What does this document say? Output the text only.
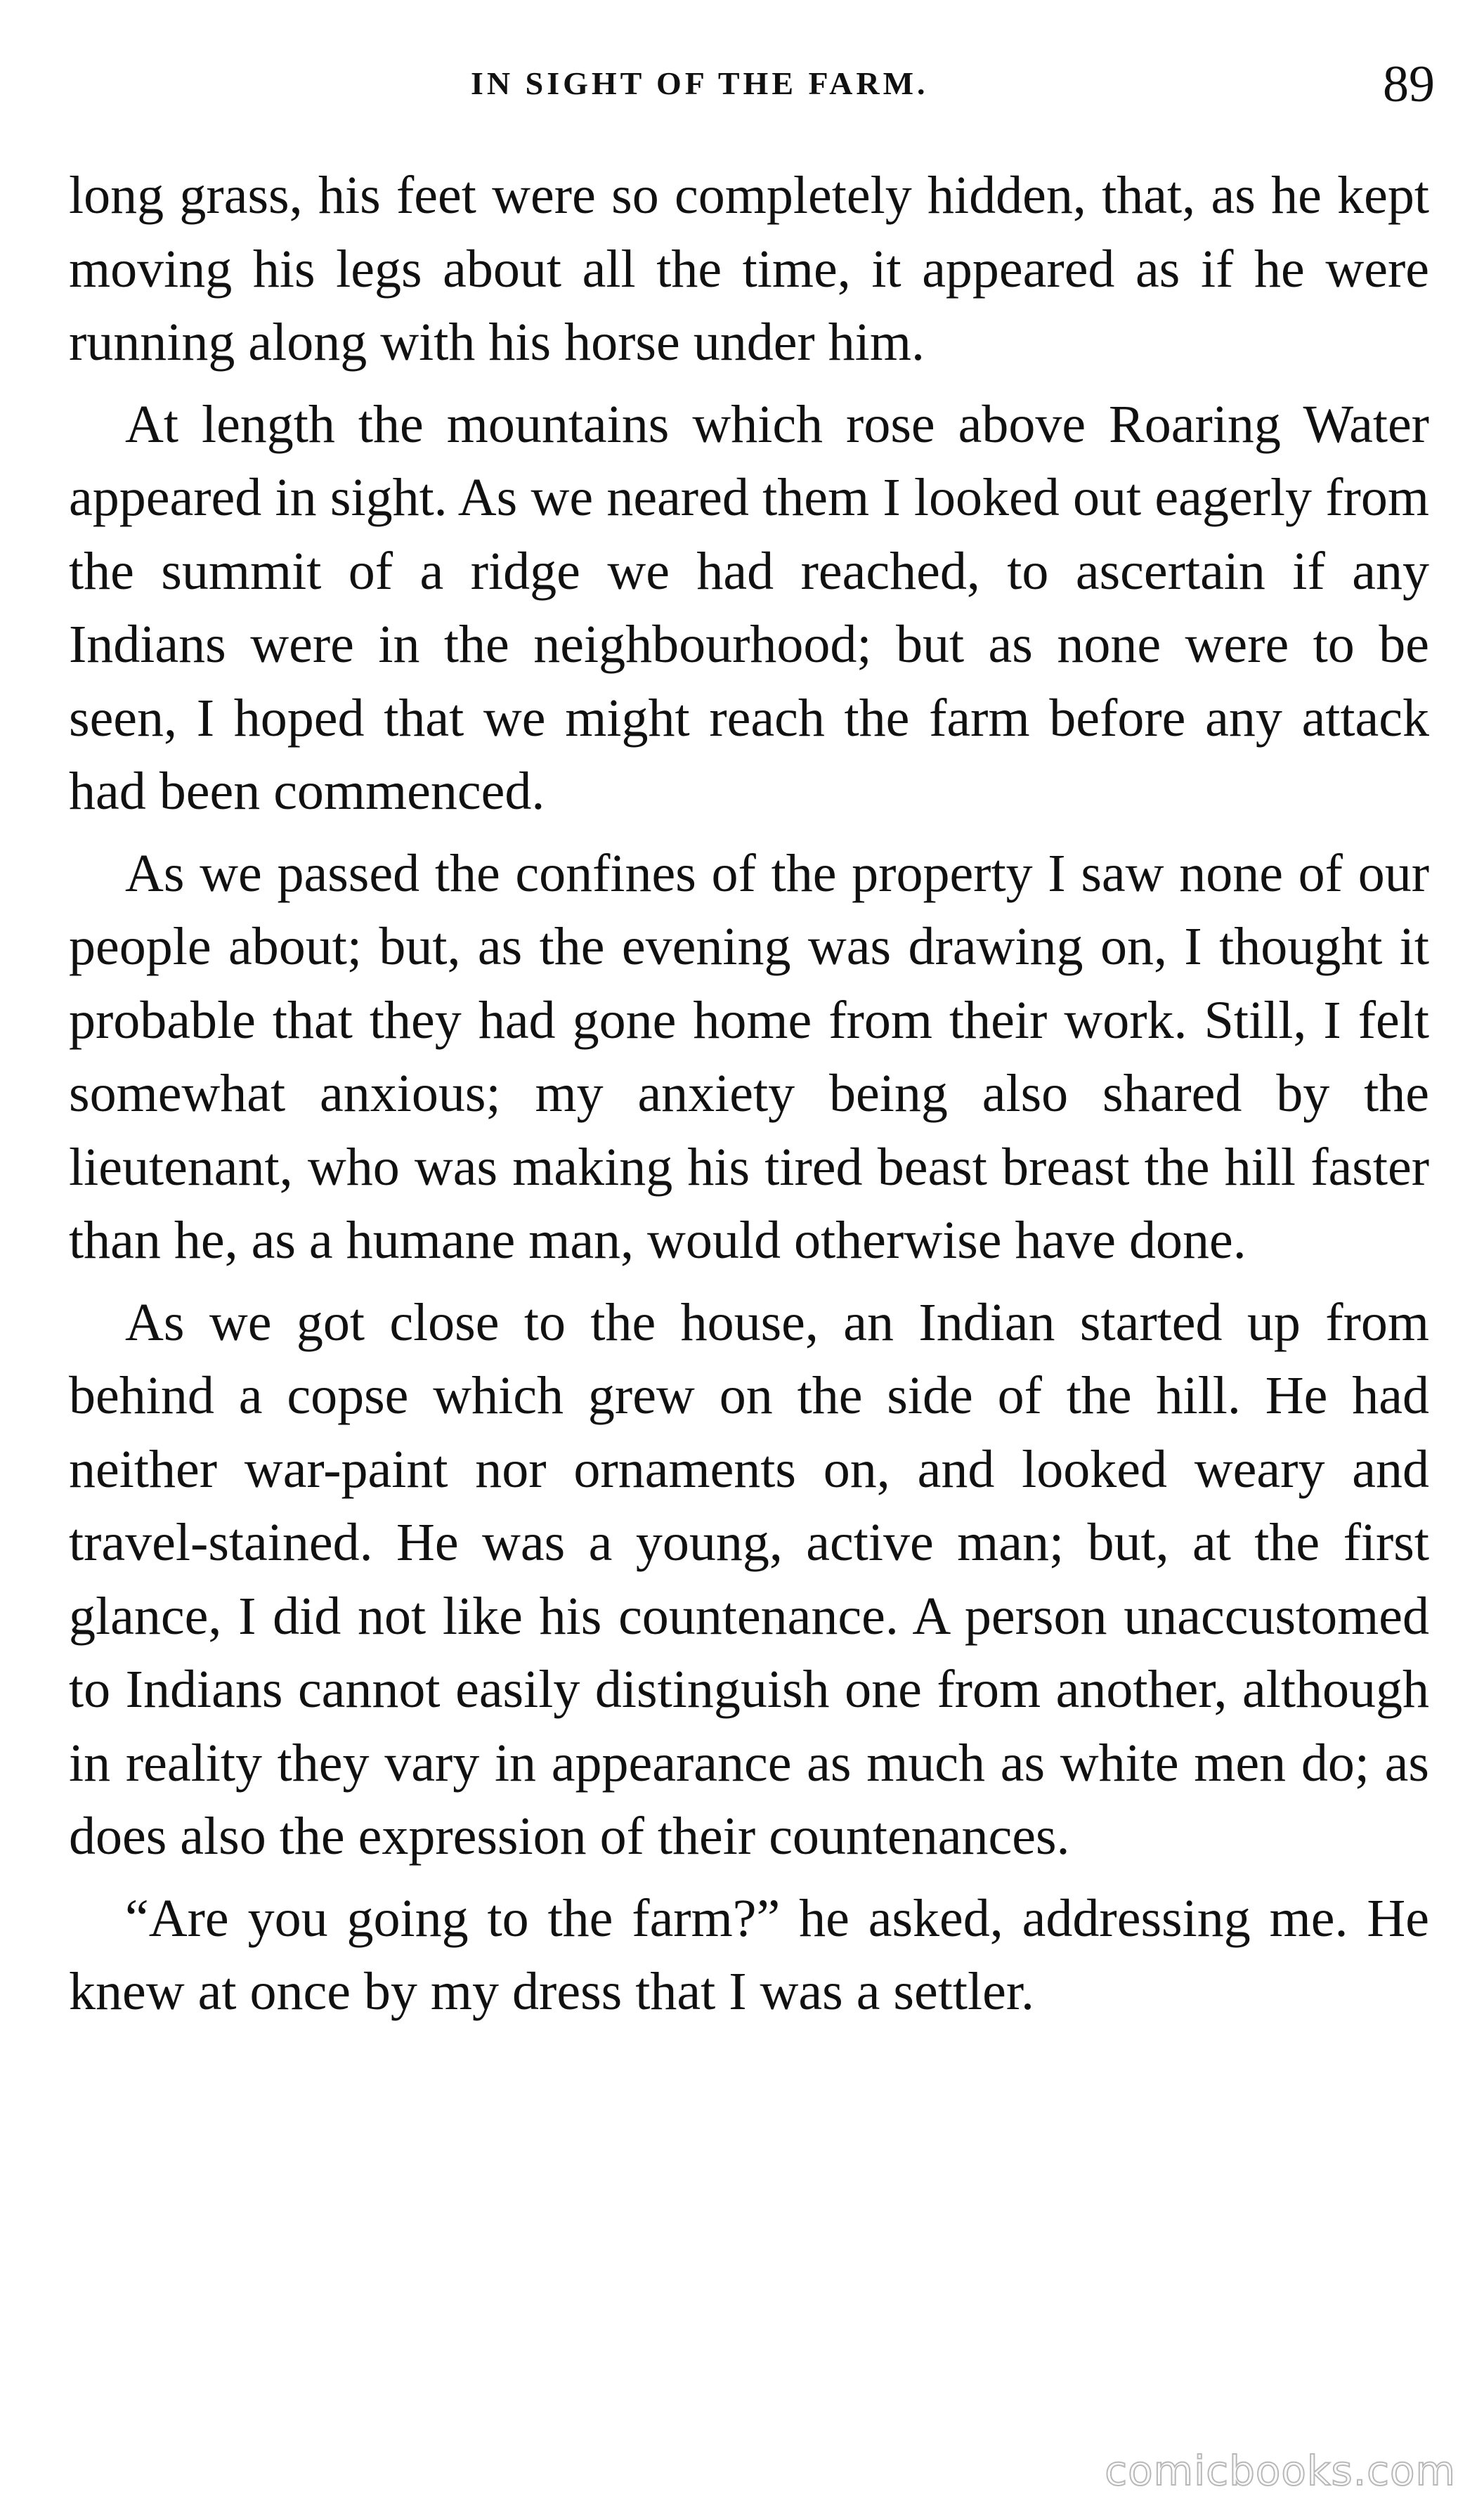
IN SIGHT OF THE FARM.	89

long grass, his feet were so completely hidden, that, as he kept moving his legs about all the time, it appeared as if he were running along with his horse under him.

At length the mountains which rose above Roaring Water appeared in sight. As we neared them I looked out eagerly from the summit of a ridge we had reached, to ascertain if any Indians were in the neighbourhood; but as none were to be seen, I hoped that we might reach the farm before any attack had been commenced.

As we passed the confines of the property I saw none of our people about; but, as the evening was drawing on, I thought it probable that they had gone home from their work. Still, I felt somewhat anxious; my anxiety being also shared by the lieutenant, who was making his tired beast breast the hill faster than he, as a humane man, would otherwise have done.

As we got close to the house, an Indian started up from behind a copse which grew on the side of the hill. He had neither war-paint nor ornaments on, and looked weary and travel-stained. He was a young, active man; but, at the first glance, I did not like his countenance. A person unaccustomed to Indians cannot easily distinguish one from another, although in reality they vary in appearance as much as white men do; as does also the expression of their countenances.

“Are you going to the farm?” he asked, addressing me. He knew at once by my dress that I was a settler.

comicbooks.com
